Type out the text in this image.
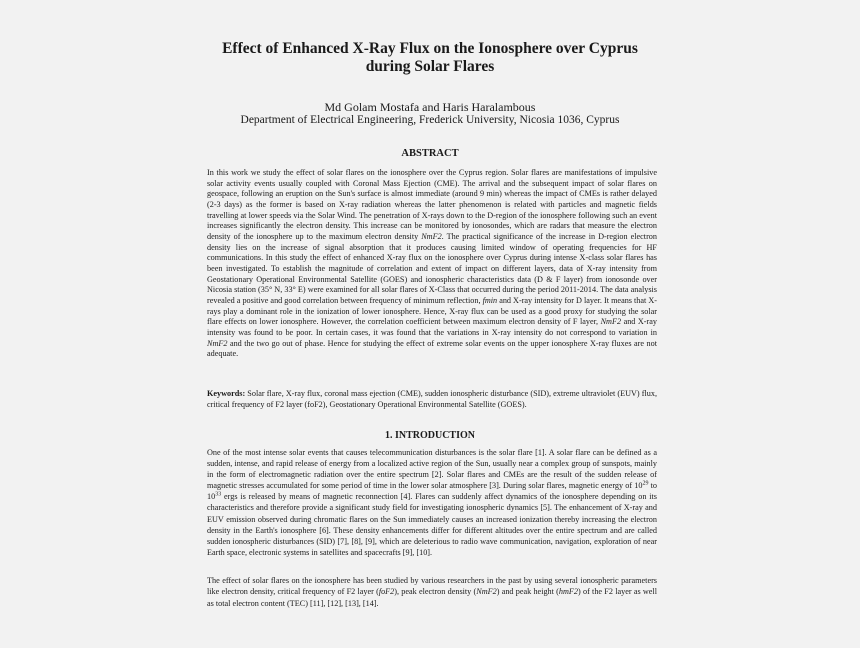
Effect of Enhanced X-Ray Flux on the Ionosphere over Cyprus during Solar Flares
Md Golam Mostafa and Haris Haralambous
Department of Electrical Engineering, Frederick University, Nicosia 1036, Cyprus
ABSTRACT

In this work we study the effect of solar flares on the ionosphere over the Cyprus region. Solar flares are manifestations of impulsive solar activity events usually coupled with Coronal Mass Ejection (CME). The arrival and the subsequent impact of solar flares on geospace, following an eruption on the Sun's surface is almost immediate (around 9 min) whereas the impact of CMEs is rather delayed (2-3 days) as the former is based on X-ray radiation whereas the latter phenomenon is related with particles and magnetic fields travelling at lower speeds via the Solar Wind. The penetration of X-rays down to the D-region of the ionosphere following such an event increases significantly the electron density. This increase can be monitored by ionosondes, which are radars that measure the electron density of the ionosphere up to the maximum electron density NmF2. The practical significance of the increase in D-region electron density lies on the increase of signal absorption that it produces causing limited window of operating frequencies for HF communications. In this study the effect of enhanced X-ray flux on the ionosphere over Cyprus during intense X-class solar flares has been investigated. To establish the magnitude of correlation and extent of impact on different layers, data of X-ray intensity from Geostationary Operational Environmental Satellite (GOES) and ionospheric characteristics data (D & F layer) from ionosonde over Nicosia station (35° N, 33° E) were examined for all solar flares of X-Class that occurred during the period 2011-2014. The data analysis revealed a positive and good correlation between frequency of minimum reflection, fmin and X-ray intensity for D layer. It means that X-rays play a dominant role in the ionization of lower ionosphere. Hence, X-ray flux can be used as a good proxy for studying the solar flare effects on lower ionosphere. However, the correlation coefficient between maximum electron density of F layer, NmF2 and X-ray intensity was found to be poor. In certain cases, it was found that the variations in X-ray intensity do not correspond to variation in NmF2 and the two go out of phase. Hence for studying the effect of extreme solar events on the upper ionosphere X-ray fluxes are not adequate.

Keywords: Solar flare, X-ray flux, coronal mass ejection (CME), sudden ionospheric disturbance (SID), extreme ultraviolet (EUV) flux, critical frequency of F2 layer (foF2), Geostationary Operational Environmental Satellite (GOES).

1. INTRODUCTION

One of the most intense solar events that causes telecommunication disturbances is the solar flare [1]. A solar flare can be defined as a sudden, intense, and rapid release of energy from a localized active region of the Sun, usually near a complex group of sunspots, mainly in the form of electromagnetic radiation over the entire spectrum [2]. Solar flares and CMEs are the result of the sudden release of magnetic stresses accumulated for some period of time in the lower solar atmosphere [3]. During solar flares, magnetic energy of $10^{29}$ to $10^{33}$ ergs is released by means of magnetic reconnection [4]. Flares can suddenly affect dynamics of the ionosphere depending on its characteristics and therefore provide a significant study field for investigating ionospheric dynamics [5]. The enhancement of X-ray and EUV emission observed during chromatic flares on the Sun immediately causes an increased ionization thereby increasing the electron density in the Earth's ionosphere [6]. These density enhancements differ for different altitudes over the entire spectrum and are called sudden ionospheric disturbances (SID) [7], [8], [9], which are deleterious to radio wave communication, navigation, exploration of near Earth space, electronic systems in satellites and spacecrafts [9], [10].

The effect of solar flares on the ionosphere has been studied by various researchers in the past by using several ionospheric parameters like electron density, critical frequency of F2 layer (foF2), peak electron density (NmF2) and peak height (hmF2) of the F2 layer as well as total electron content (TEC) [11], [12], [13], [14].
